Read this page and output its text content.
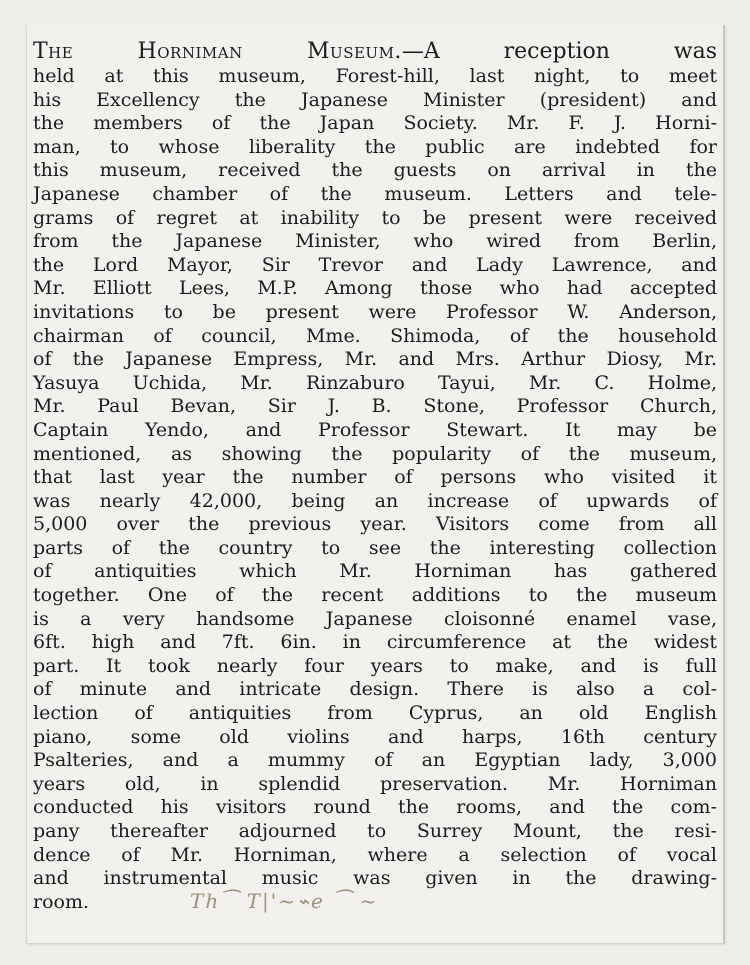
The Horniman Museum.—A reception was
held at this museum, Forest-hill, last night, to meet
his Excellency the Japanese Minister (president) and
the members of the Japan Society. Mr. F. J. Horni-
man, to whose liberality the public are indebted for
this museum, received the guests on arrival in the
Japanese chamber of the museum. Letters and tele-
grams of regret at inability to be present were received
from the Japanese Minister, who wired from Berlin,
the Lord Mayor, Sir Trevor and Lady Lawrence, and
Mr. Elliott Lees, M.P. Among those who had accepted
invitations to be present were Professor W. Anderson,
chairman of council, Mme. Shimoda, of the household
of the Japanese Empress, Mr. and Mrs. Arthur Diosy, Mr.
Yasuya Uchida, Mr. Rinzaburo Tayui, Mr. C. Holme,
Mr. Paul Bevan, Sir J. B. Stone, Professor Church,
Captain Yendo, and Professor Stewart. It may be
mentioned, as showing the popularity of the museum,
that last year the number of persons who visited it
was nearly 42,000, being an increase of upwards of
5,000 over the previous year. Visitors come from all
parts of the country to see the interesting collection
of antiquities which Mr. Horniman has gathered
together. One of the recent additions to the museum
is a very handsome Japanese cloisonné enamel vase,
6ft. high and 7ft. 6in. in circumference at the widest
part. It took nearly four years to make, and is full
of minute and intricate design. There is also a col-
lection of antiquities from Cyprus, an old English
piano, some old violins and harps, 16th century
Psalteries, and a mummy of an Egyptian lady, 3,000
years old, in splendid preservation. Mr. Horniman
conducted his visitors round the rooms, and the com-
pany thereafter adjourned to Surrey Mount, the resi-
dence of Mr. Horniman, where a selection of vocal
and instrumental music was given in the drawing-
room.	Th⁀ T|'~⌁e ⁀ ~
